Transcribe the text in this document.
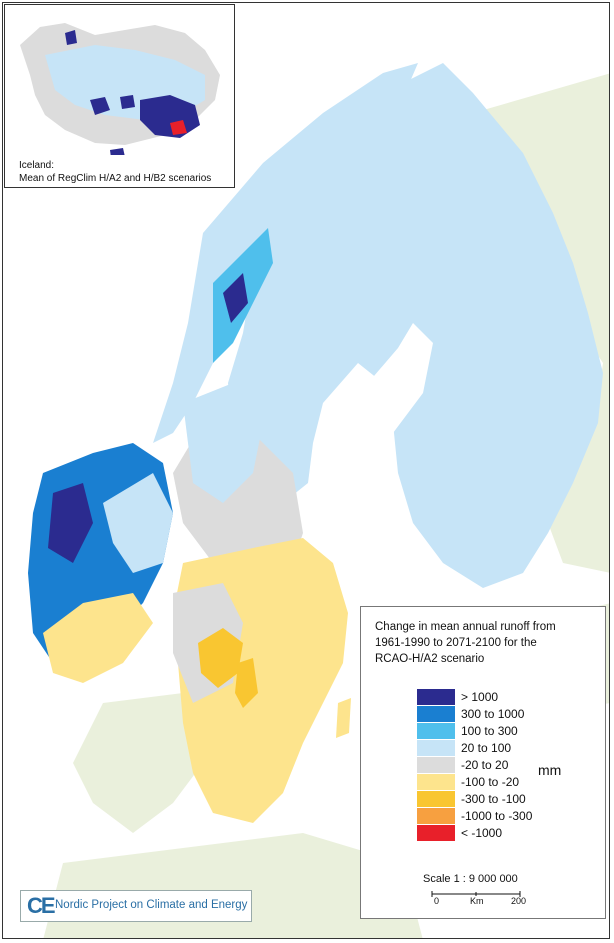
Iceland:
Mean of RegClim H/A2 and H/B2 scenarios
Change in mean annual runoff from
1961-1990 to 2071-2100 for the
RCAO-H/A2 scenario
> 1000
300 to 1000
100 to 300
20 to 100
-20 to 20
-100 to -20
-300 to -100
-1000 to -300
< -1000
mm
Scale 1 : 9 000 000
0	Km	200
CE Nordic Project on Climate and Energy
